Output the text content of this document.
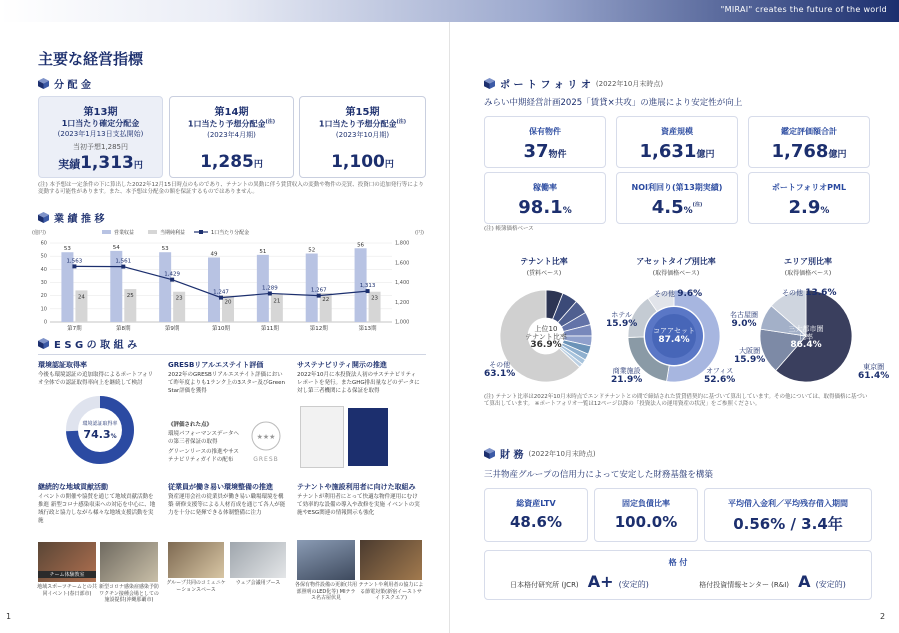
"MIRAI" creates the future of the world
1	2
主要な経営指標
分 配 金
第13期
1口当たり確定分配金
(2023年1月13日支払開始)
当初予想1,285円
実績1,313円
第14期
1口当たり予想分配金$^{(注)}$
(2023年4月期)
1,285円
第15期
1口当たり予想分配金$^{(注)}$
(2023年10月期)
1,100円
(注) 本予想は一定条件の下に算出した2022年12月15日時点のものであり、テナントの異動に伴う賃貸収入の変動や物件の売買、投資口の追加発行等により変動する可能性があります。また、本予想は分配金の額を保証するものではありません。
業 績 推 移
(億円)	(円)
営業収益	当期純利益	1口当たり分配金
0
10
20
30
40
50
60
1,000
1,200
1,400
1,600
1,800
53
24
第7期
54
25
第8期
53
23
第9期
49
20
第10期
51
21
第11期
52
22
第12期
56
23
第13期
1,563	1,561
1,429
1,247
1,289	1,267
1,313
E S G の 取 組 み
環境認証取得率
今後も環境認証の追加取得によるポートフォリオ全体での認証取得率向上を継続して検討
環境認証取得率
74.3%
GRESBリアルエステイト評価
2022年のGRESBリアルエステイト評価において昨年度よりも1ランク上の3スター及びGreen Star評価を獲得
《評価された点》
環境パフォーマンスデータへの第三者保証の取得
グリーンリースの推進やサステナビリティガイドの配布
★★★
GRESB
サステナビリティ開示の推進
2022年10月に本投資法人初のサステナビリティレポートを発行。またGHG排出量などのデータに対し第三者機関による保証を取得
継続的な地域貢献活動
イベントの開催や協賛を通じて地域貢献活動を推進 新型コロナ感染収束への対応を中心に、地域行政と協力しながら様々な地域支援活動を実施
チーム体験教室
地域スポーツチームとの共同イベント(春日部市)
新型コロナ感染症感染予防ワクチン接種会場としての施設提供(沖縄那覇市)
従業員が働き易い環境整備の推進
資産運用会社の従業員が働き易い職場環境を構築 研修支援等による人材育成を通じて各人が能力を十分に発揮できる体制整備に注力
グループ共同のコミュニケーションスペース
ウェブ会議用ブース
テナントや施設利用者に向けた取組み
テナントが利用者にとって快適な物件運用にむけて効率的な設備の導入や改修を実施 イベントの実施やESG関連の情報開示も強化
各保有物件設備の更新(共用部照明のLED化等) MIテラス名古屋伏見
テナントや利用者の協力による節電対策(新宿イーストサイドスクエア)
ポ ー ト フ ォ リ オ (2022年10月末時点)
みらい中期経営計画2025「賃貸×共攻」の進展により安定性が向上
保有物件
37物件
資産規模
1,631億円
鑑定評価額合計
1,768億円
稼働率
98.1%
NOI利回り(第13期実績)
4.5%$^{(注)}$
ポートフォリオPML
2.9%
(注) 帳簿価格ベース
テナント比率
(賃料ベース)
アセットタイプ別比率
(取得価格ベース)
エリア別比率
(取得価格ベース)
上位10
テナント比率
36.9%
その他
63.1%
コアアセット
87.4%
その他 9.6%
ホテル
15.9%
商業施設
21.9%
オフィス
52.6%
三大都市圏
比率
86.4%
その他 13.6%
名古屋圏
9.0%
大阪圏
15.9%
東京圏
61.4%
(注) テナント比率は2022年10月末時点でエンドテナントとの間で締結された賃貸借契約に基づいて算出しています。その他については、取得価格に基づいて算出しています。 ※ポートフォリオ一覧は12ページ以降の「投資法人の運用資産の状況」をご参照ください。
財 務 (2022年10月末時点)
三井物産グループの信用力によって安定した財務基盤を構築
総資産LTV
48.6%
固定負債比率
100.0%
平均借入金利／平均残存借入期間
0.56% / 3.4年
格 付
日本格付研究所 (JCR) A+ (安定的)	格付投資情報センター (R&I) A (安定的)
